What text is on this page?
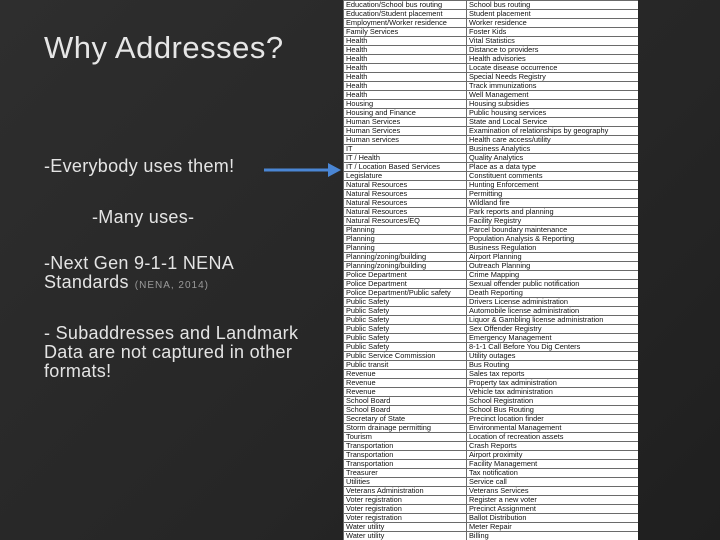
Why Addresses?
-Everybody uses them!
-Many uses-
-Next Gen 9-1-1 NENA Standards (NENA, 2014)
- Subaddresses and Landmark Data are not captured in other formats!
Education/School bus routing	School bus routing
Education/Student placement	Student placement
Employment/Worker residence	Worker residence
Family Services	Foster Kids
Health	Vital Statistics
Health	Distance to providers
Health	Health advisories
Health	Locate disease occurrence
Health	Special Needs Registry
Health	Track immunizations
Health	Well Management
Housing	Housing subsidies
Housing and Finance	Public housing services
Human Services	State and Local Service
Human Services	Examination of relationships by geography
Human services	Health care access/utility
IT	Business Analytics
IT / Health	Quality Analytics
IT / Location Based Services	Place as a data type
Legislature	Constituent comments
Natural Resources	Hunting Enforcement
Natural Resources	Permitting
Natural Resources	Wildland fire
Natural Resources	Park reports and planning
Natural Resources/EQ	Facility Registry
Planning	Parcel boundary maintenance
Planning	Population Analysis & Reporting
Planning	Business Regulation
Planning/zoning/building	Airport Planning
Planning/zoning/building	Outreach Planning
Police Department	Crime Mapping
Police Department	Sexual offender public notification
Police Department/Public safety	Death Reporting
Public Safety	Drivers License administration
Public Safety	Automobile license administration
Public Safety	Liquor & Gambling license administration
Public Safety	Sex Offender Registry
Public Safety	Emergency Management
Public Safety	8-1-1 Call Before You Dig Centers
Public Service Commission	Utility outages
Public transit	Bus Routing
Revenue	Sales tax reports
Revenue	Property tax administration
Revenue	Vehicle tax administration
School Board	School Registration
School Board	School Bus Routing
Secretary of State	Precinct location finder
Storm drainage permitting	Environmental Management
Tourism	Location of recreation assets
Transportation	Crash Reports
Transportation	Airport proximity
Transportation	Facility Management
Treasurer	Tax notification
Utilities	Service call
Veterans Administration	Veterans Services
Voter registration	Register a new voter
Voter registration	Precinct Assignment
Voter registration	Ballot Distribution
Water utility	Meter Repair
Water utility	Billing
